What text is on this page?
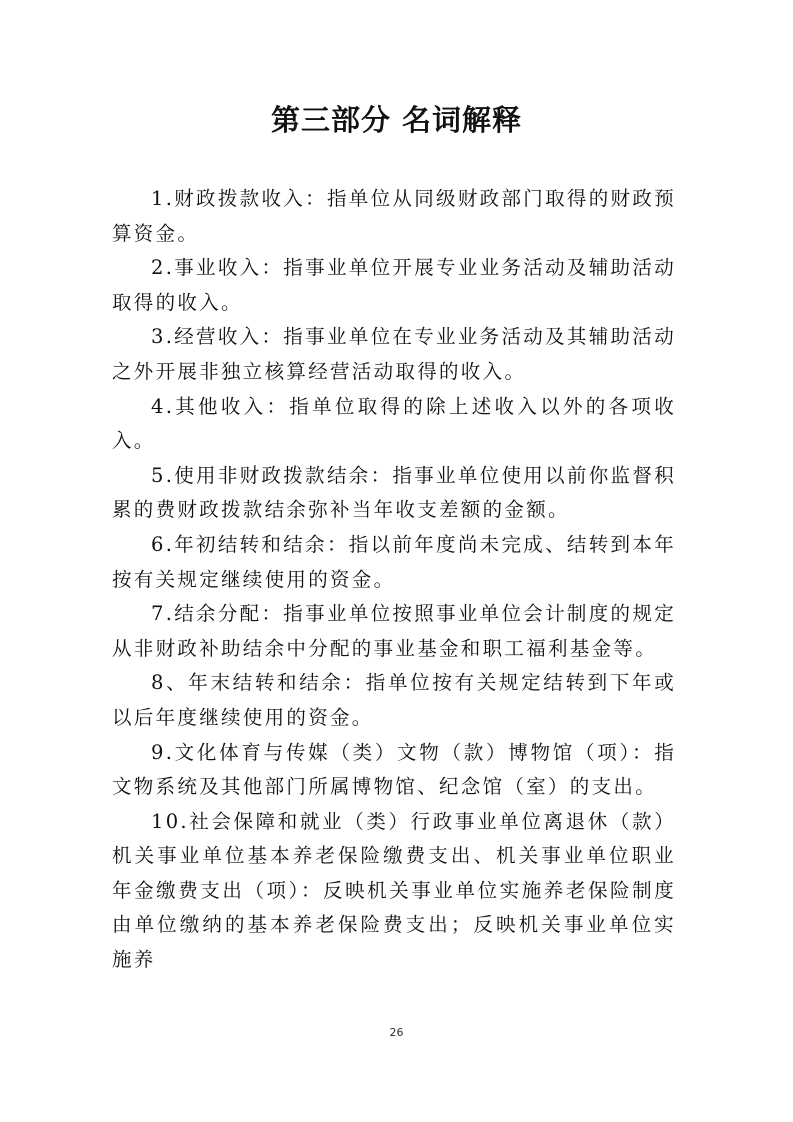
第三部分 名词解释

1.财政拨款收入：指单位从同级财政部门取得的财政预算资金。

2.事业收入：指事业单位开展专业业务活动及辅助活动取得的收入。

3.经营收入：指事业单位在专业业务活动及其辅助活动之外开展非独立核算经营活动取得的收入。

4.其他收入：指单位取得的除上述收入以外的各项收入。

5.使用非财政拨款结余：指事业单位使用以前你监督积累的费财政拨款结余弥补当年收支差额的金额。

6.年初结转和结余：指以前年度尚未完成、结转到本年按有关规定继续使用的资金。

7.结余分配：指事业单位按照事业单位会计制度的规定从非财政补助结余中分配的事业基金和职工福利基金等。

8、年末结转和结余：指单位按有关规定结转到下年或以后年度继续使用的资金。

9.文化体育与传媒（类）文物（款）博物馆（项）：指文物系统及其他部门所属博物馆、纪念馆（室）的支出。

10.社会保障和就业（类）行政事业单位离退休（款）机关事业单位基本养老保险缴费支出、机关事业单位职业年金缴费支出（项）：反映机关事业单位实施养老保险制度由单位缴纳的基本养老保险费支出；反映机关事业单位实施养

26
